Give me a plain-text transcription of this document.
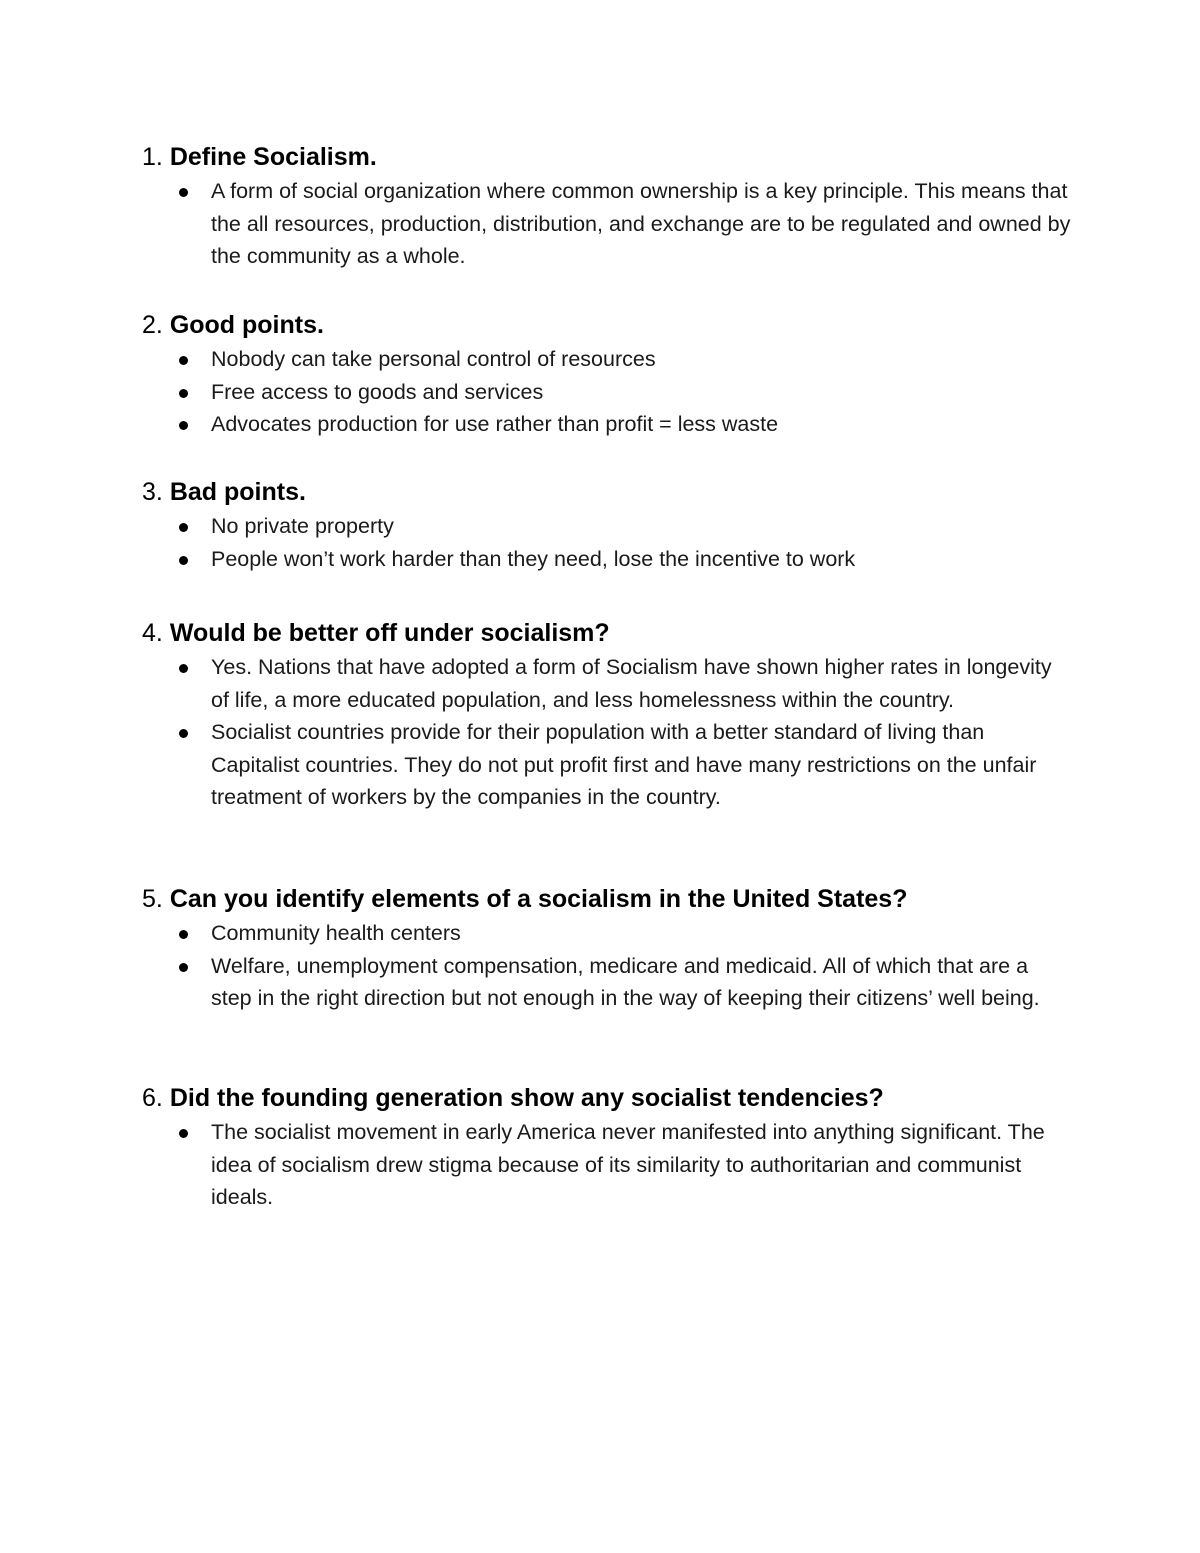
1. Define Socialism.

A form of social organization where common ownership is a key principle. This means that the all resources, production, distribution, and exchange are to be regulated and owned by the community as a whole.

2. Good points.

Nobody can take personal control of resources
Free access to goods and services
Advocates production for use rather than profit = less waste

3. Bad points.

No private property
People won’t work harder than they need, lose the incentive to work

4. Would be better off under socialism?

Yes. Nations that have adopted a form of Socialism have shown higher rates in longevity of life, a more educated population, and less homelessness within the country.
Socialist countries provide for their population with a better standard of living than Capitalist countries. They do not put profit first and have many restrictions on the unfair treatment of workers by the companies in the country.

5. Can you identify elements of a socialism in the United States?

Community health centers
Welfare, unemployment compensation, medicare and medicaid. All of which that are a step in the right direction but not enough in the way of keeping their citizens’ well being.

6. Did the founding generation show any socialist tendencies?

The socialist movement in early America never manifested into anything significant. The idea of socialism drew stigma because of its similarity to authoritarian and communist ideals.
